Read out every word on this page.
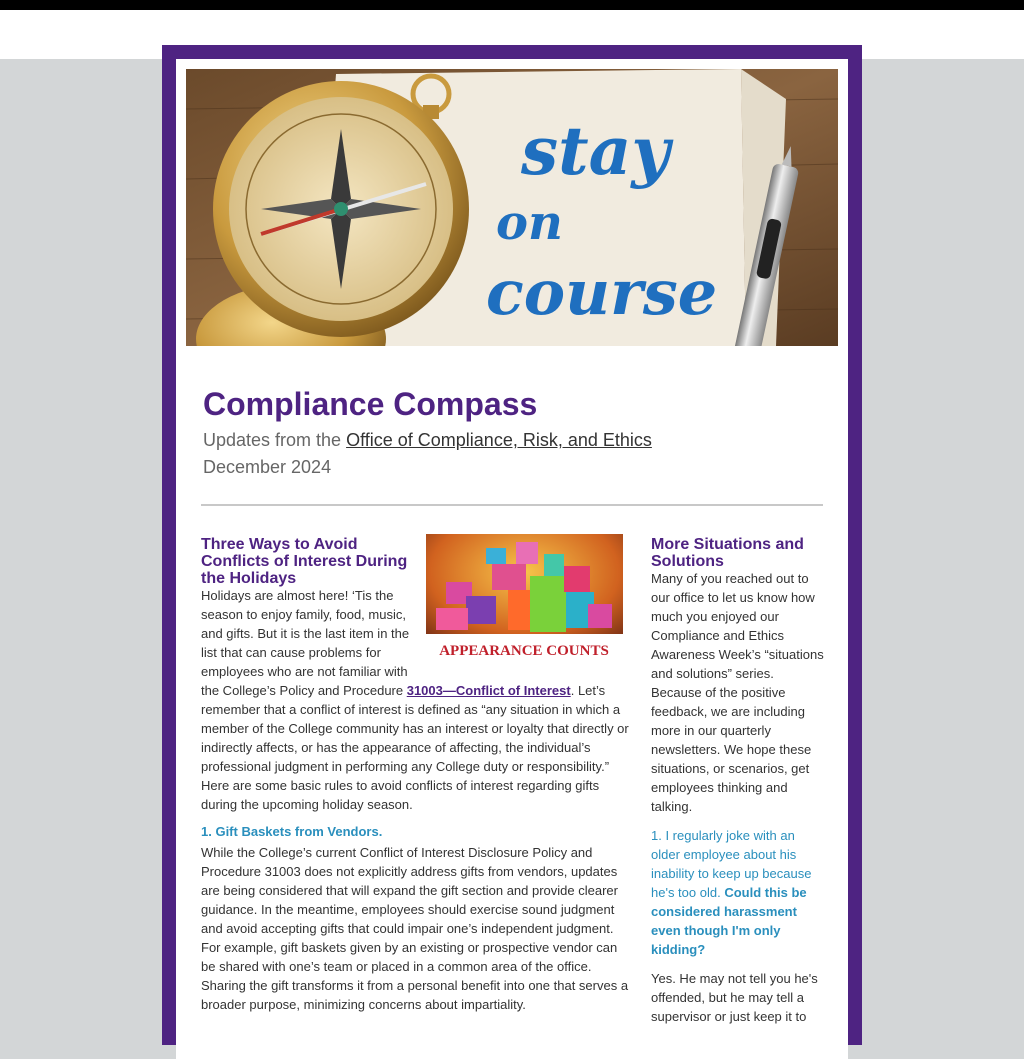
stay
on
course
Compliance Compass
Updates from the Office of Compliance, Risk, and Ethics
December 2024
Three Ways to Avoid Conflicts of Interest During the Holidays
APPEARANCE COUNTS

Holidays are almost here! ‘Tis the season to enjoy family, food, music, and gifts. But it is the last item in the list that can cause problems for employees who are not familiar with

the College’s Policy and Procedure 31003—Conflict of Interest. Let’s remember that a conflict of interest is defined as “any situation in which a member of the College community has an interest or loyalty that directly or indirectly affects, or has the appearance of affecting, the individual’s professional judgment in performing any College duty or responsibility.” Here are some basic rules to avoid conflicts of interest regarding gifts during the upcoming holiday season.

1. Gift Baskets from Vendors.

While the College’s current Conflict of Interest Disclosure Policy and Procedure 31003 does not explicitly address gifts from vendors, updates are being considered that will expand the gift section and provide clearer guidance. In the meantime, employees should exercise sound judgment and avoid accepting gifts that could impair one’s independent judgment. For example, gift baskets given by an existing or prospective vendor can be shared with one’s team or placed in a common area of the office. Sharing the gift transforms it from a personal benefit into one that serves a broader purpose, minimizing concerns about impartiality.

More Situations and Solutions

Many of you reached out to our office to let us know how much you enjoyed our Compliance and Ethics Awareness Week’s “situations and solutions” series. Because of the positive feedback, we are including more in our quarterly newsletters. We hope these situations, or scenarios, get employees thinking and talking.

1. I regularly joke with an older employee about his inability to keep up because he's too old. Could this be considered harassment even though I'm only kidding?

Yes. He may not tell you he's offended, but he may tell a supervisor or just keep it to
